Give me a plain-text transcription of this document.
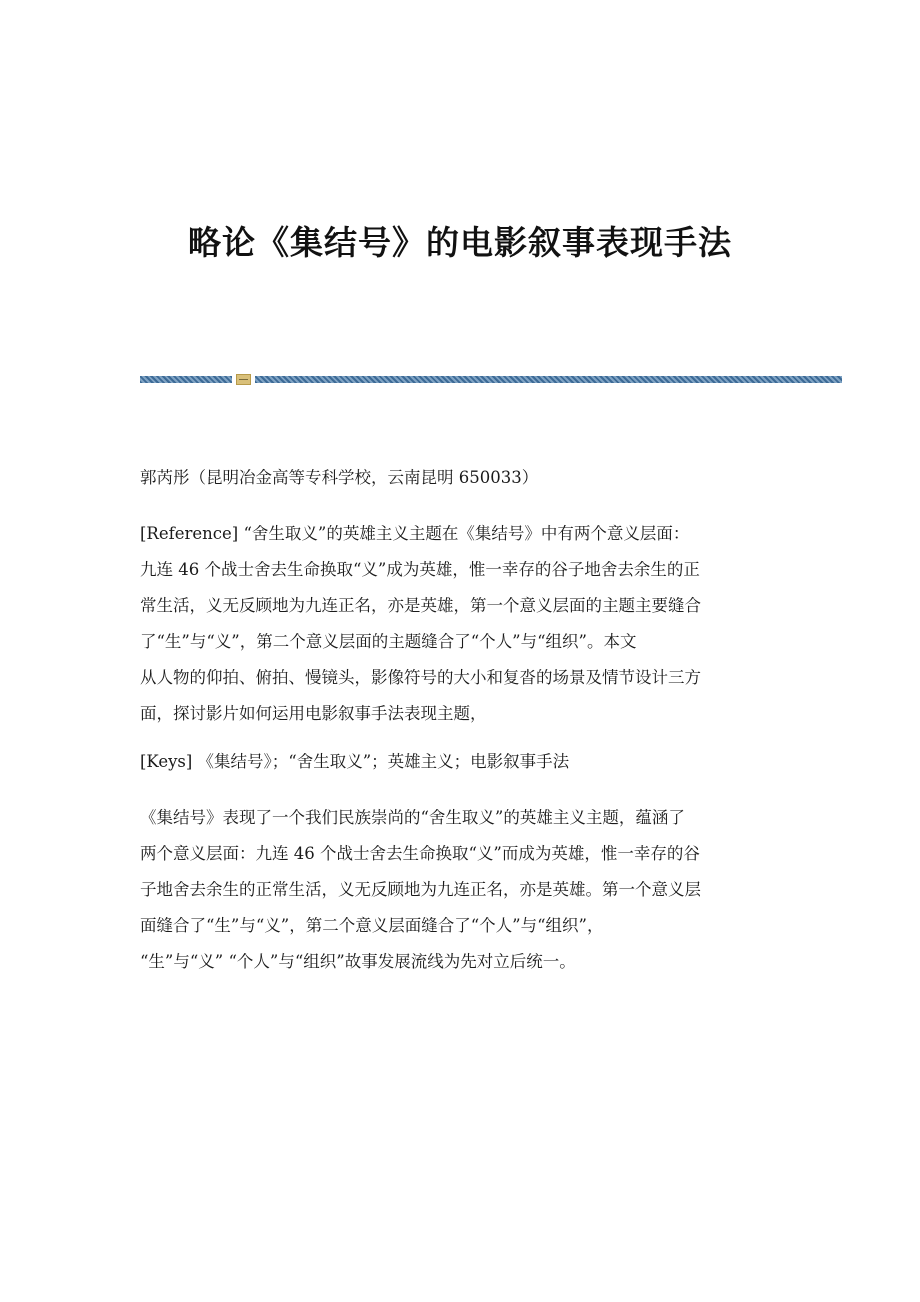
略论《集结号》的电影叙事表现手法
郭芮彤（昆明冶金高等专科学校，云南昆明 650033）
[Reference] “舍生取义”的英雄主义主题在《集结号》中有两个意义层面：
九连 46 个战士舍去生命换取“义”成为英雄，惟一幸存的谷子地舍去余生的正
常生活，义无反顾地为九连正名，亦是英雄，第一个意义层面的主题主要缝合
了“生”与“义”，第二个意义层面的主题缝合了“个人”与“组织”。本文
从人物的仰拍、俯拍、慢镜头，影像符号的大小和复沓的场景及情节设计三方
面，探讨影片如何运用电影叙事手法表现主题，
[Keys] 《集结号》；“舍生取义”；英雄主义；电影叙事手法
《集结号》表现了一个我们民族崇尚的“舍生取义”的英雄主义主题，蕴涵了
两个意义层面：九连 46 个战士舍去生命换取“义”而成为英雄，惟一幸存的谷
子地舍去余生的正常生活，义无反顾地为九连正名，亦是英雄。第一个意义层
面缝合了“生”与“义”，第二个意义层面缝合了“个人”与“组织”，
“生”与“义” “个人”与“组织”故事发展流线为先对立后统一。
